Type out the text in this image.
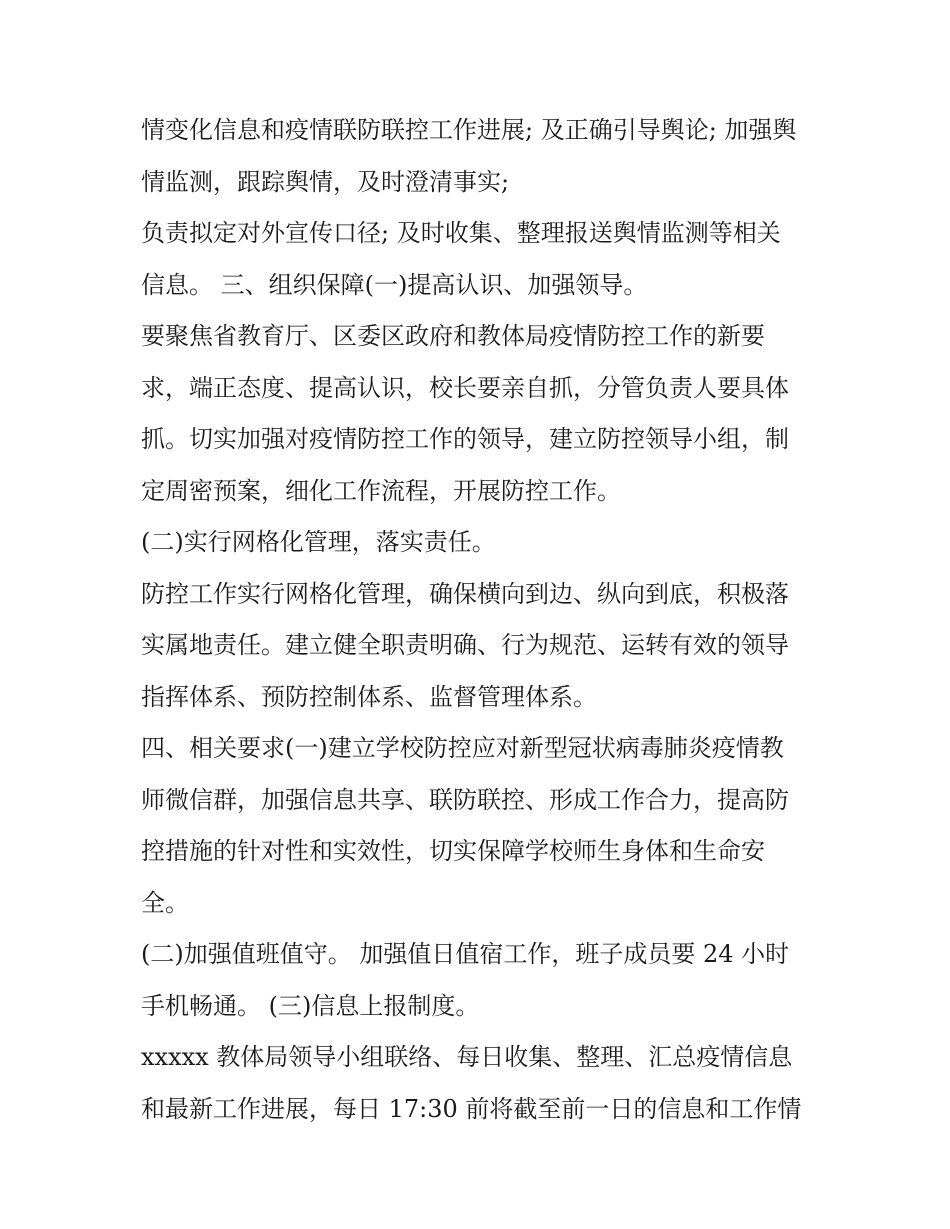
情变化信息和疫情联防联控工作进展; 及正确引导舆论; 加强舆
情监测，跟踪舆情，及时澄清事实;
负责拟定对外宣传口径; 及时收集、整理报送舆情监测等相关
信息。 三、组织保障(一)提高认识、加强领导。
要聚焦省教育厅、区委区政府和教体局疫情防控工作的新要
求，端正态度、提高认识，校长要亲自抓，分管负责人要具体
抓。切实加强对疫情防控工作的领导，建立防控领导小组，制
定周密预案，细化工作流程，开展防控工作。
(二)实行网格化管理，落实责任。
防控工作实行网格化管理，确保横向到边、纵向到底，积极落
实属地责任。建立健全职责明确、行为规范、运转有效的领导
指挥体系、预防控制体系、监督管理体系。
四、相关要求(一)建立学校防控应对新型冠状病毒肺炎疫情教
师微信群，加强信息共享、联防联控、形成工作合力，提高防
控措施的针对性和实效性，切实保障学校师生身体和生命安
全。
(二)加强值班值守。 加强值日值宿工作，班子成员要 24 小时
手机畅通。 (三)信息上报制度。
xxxxx 教体局领导小组联络、每日收集、整理、汇总疫情信息
和最新工作进展，每日 17:30 前将截至前一日的信息和工作情
